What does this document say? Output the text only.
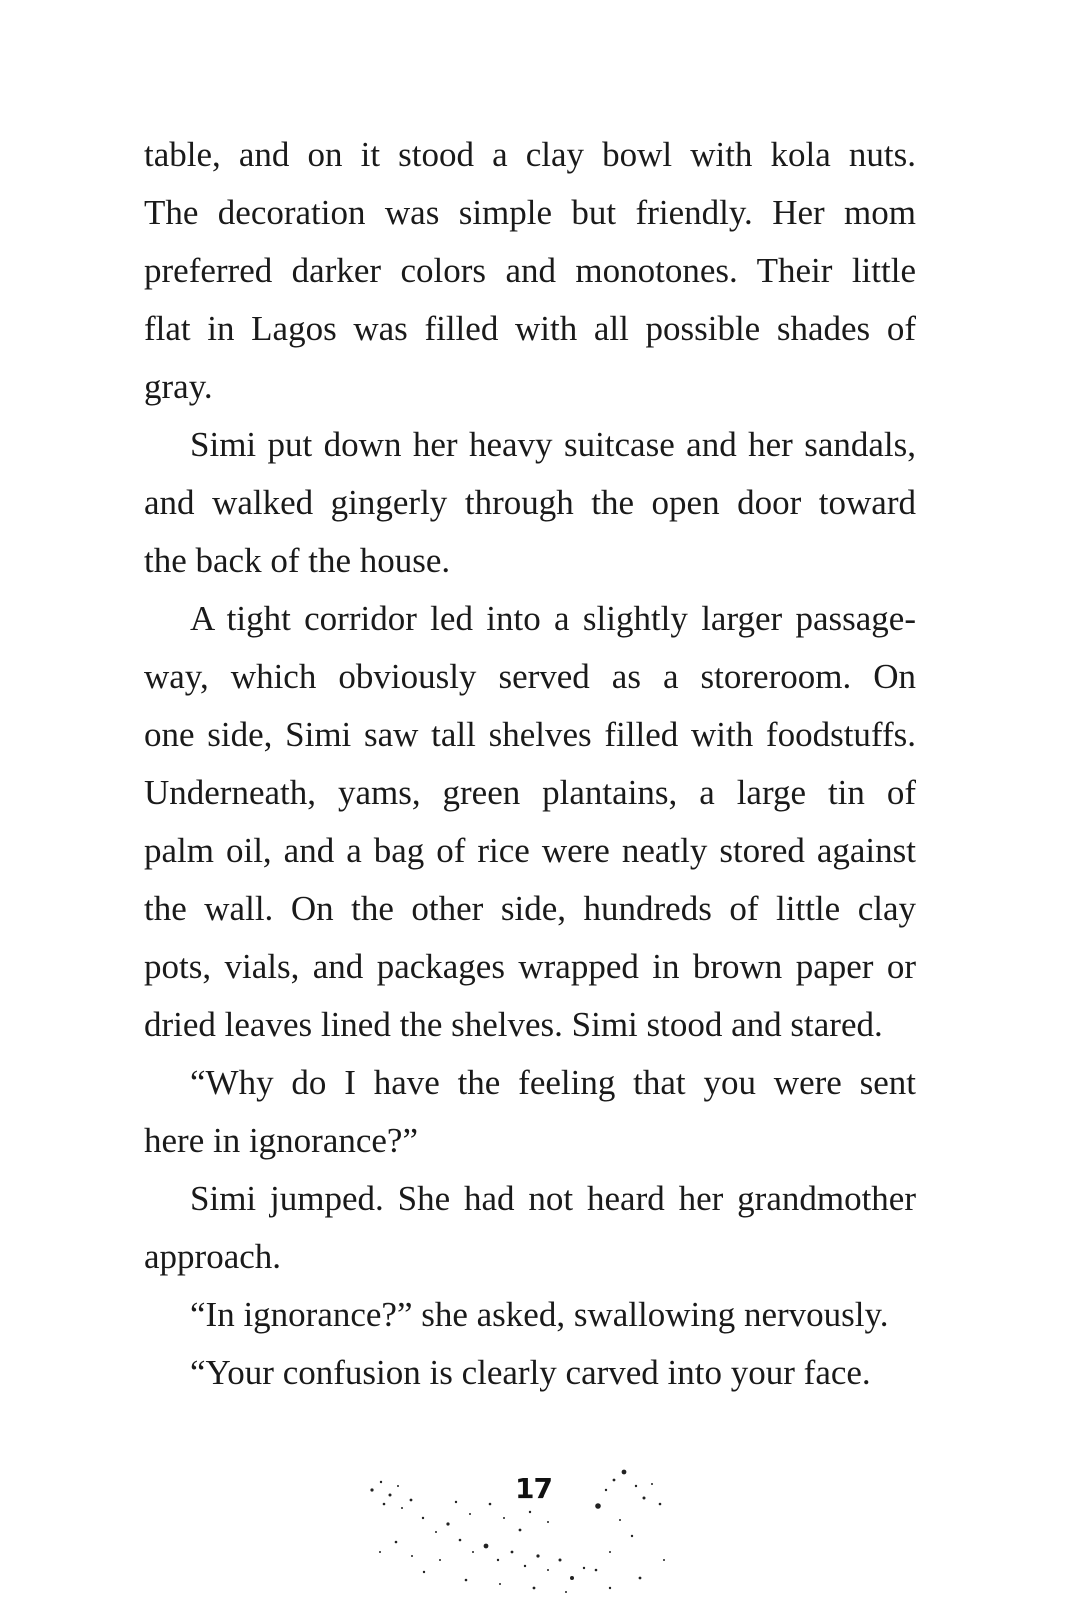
table, and on it stood a clay bowl with kola nuts.
The decoration was simple but friendly. Her mom
preferred darker colors and monotones. Their little
flat in Lagos was filled with all possible shades of
gray.
Simi put down her heavy suitcase and her sandals,
and walked gingerly through the open door toward
the back of the house.
A tight corridor led into a slightly larger passage-
way, which obviously served as a storeroom. On
one side, Simi saw tall shelves filled with foodstuffs.
Underneath, yams, green plantains, a large tin of
palm oil, and a bag of rice were neatly stored against
the wall. On the other side, hundreds of little clay
pots, vials, and packages wrapped in brown paper or
dried leaves lined the shelves. Simi stood and stared.
“Why do I have the feeling that you were sent
here in ignorance?”
Simi jumped. She had not heard her grandmother
approach.
“In ignorance?” she asked, swallowing nervously.
“Your confusion is clearly carved into your face.
17
